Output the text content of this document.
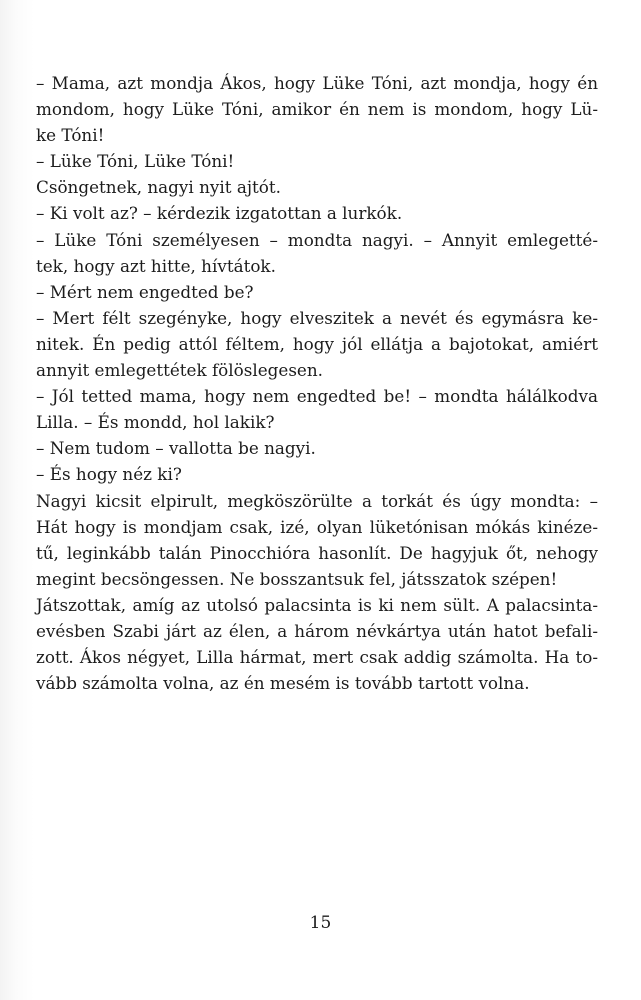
– Mama, azt mondja Ákos, hogy Lüke Tóni, azt mondja, hogy én
mondom, hogy Lüke Tóni, amikor én nem is mondom, hogy Lü-
ke Tóni!
– Lüke Tóni, Lüke Tóni!
Csöngetnek, nagyi nyit ajtót.
– Ki volt az? – kérdezik izgatottan a lurkók.
– Lüke Tóni személyesen – mondta nagyi. – Annyit emlegetté-
tek, hogy azt hitte, hívtátok.
– Mért nem engedted be?
– Mert félt szegényke, hogy elveszitek a nevét és egymásra ke-
nitek. Én pedig attól féltem, hogy jól ellátja a bajotokat, amiért
annyit emlegettétek fölöslegesen.
– Jól tetted mama, hogy nem engedted be! – mondta hálálkodva
Lilla. – És mondd, hol lakik?
– Nem tudom – vallotta be nagyi.
– És hogy néz ki?
Nagyi kicsit elpirult, megköszörülte a torkát és úgy mondta: –
Hát hogy is mondjam csak, izé, olyan lüketónisan mókás kinéze-
tű, leginkább talán Pinocchióra hasonlít. De hagyjuk őt, nehogy
megint becsöngessen. Ne bosszantsuk fel, játsszatok szépen!
Játszottak, amíg az utolsó palacsinta is ki nem sült. A palacsinta-
evésben Szabi járt az élen, a három névkártya után hatot befali-
zott. Ákos négyet, Lilla hármat, mert csak addig számolta. Ha to-
vább számolta volna, az én mesém is tovább tartott volna.
15
